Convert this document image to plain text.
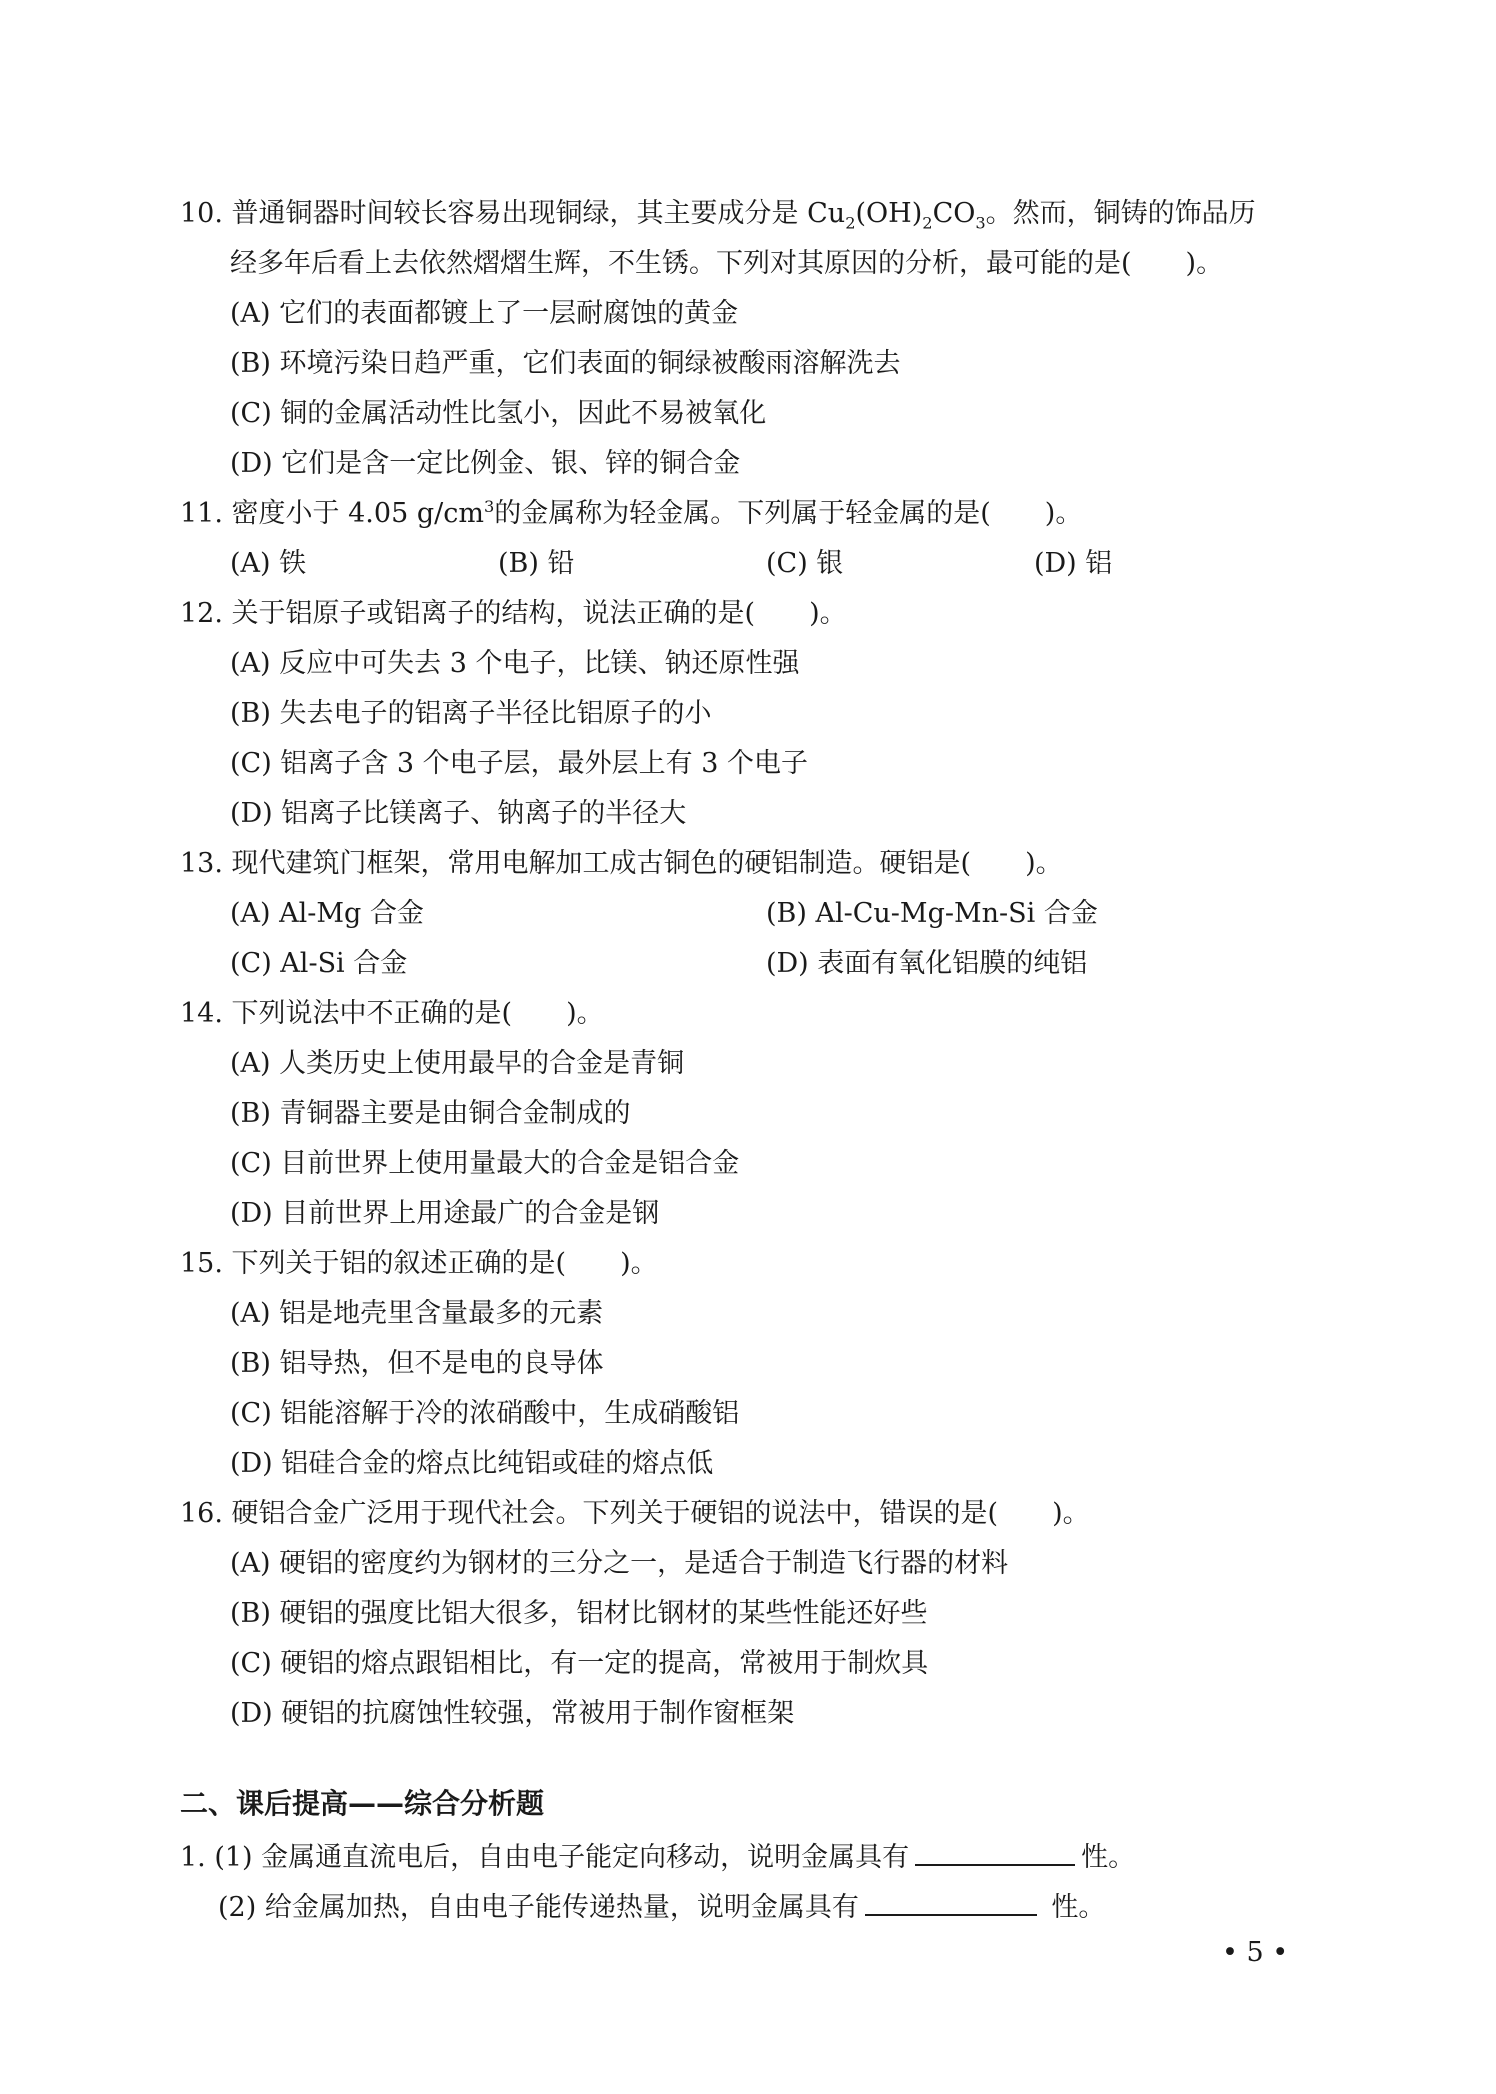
10. 普通铜器时间较长容易出现铜绿，其主要成分是 $Cu_2(OH)_2CO_3$。然而，铜铸的饰品历
经多年后看上去依然熠熠生辉，不生锈。下列对其原因的分析，最可能的是(　　)。
(A) 它们的表面都镀上了一层耐腐蚀的黄金
(B) 环境污染日趋严重，它们表面的铜绿被酸雨溶解洗去
(C) 铜的金属活动性比氢小，因此不易被氧化
(D) 它们是含一定比例金、银、锌的铜合金
11. 密度小于 4.05 $g/cm^3$的金属称为轻金属。下列属于轻金属的是(　　)。
(A) 铁	(B) 铅	(C) 银	(D) 铝
12. 关于铝原子或铝离子的结构，说法正确的是(　　)。
(A) 反应中可失去 3 个电子，比镁、钠还原性强
(B) 失去电子的铝离子半径比铝原子的小
(C) 铝离子含 3 个电子层，最外层上有 3 个电子
(D) 铝离子比镁离子、钠离子的半径大
13. 现代建筑门框架，常用电解加工成古铜色的硬铝制造。硬铝是(　　)。
(A) Al-Mg 合金	(B) Al-Cu-Mg-Mn-Si 合金
(C) Al-Si 合金	(D) 表面有氧化铝膜的纯铝
14. 下列说法中不正确的是(　　)。
(A) 人类历史上使用最早的合金是青铜
(B) 青铜器主要是由铜合金制成的
(C) 目前世界上使用量最大的合金是铝合金
(D) 目前世界上用途最广的合金是钢
15. 下列关于铝的叙述正确的是(　　)。
(A) 铝是地壳里含量最多的元素
(B) 铝导热，但不是电的良导体
(C) 铝能溶解于冷的浓硝酸中，生成硝酸铝
(D) 铝硅合金的熔点比纯铝或硅的熔点低
16. 硬铝合金广泛用于现代社会。下列关于硬铝的说法中，错误的是(　　)。
(A) 硬铝的密度约为钢材的三分之一，是适合于制造飞行器的材料
(B) 硬铝的强度比铝大很多，铝材比钢材的某些性能还好些
(C) 硬铝的熔点跟铝相比，有一定的提高，常被用于制炊具
(D) 硬铝的抗腐蚀性较强，常被用于制作窗框架
二、课后提高——综合分析题
1. (1) 金属通直流电后，自由电子能定向移动，说明金属具有	性。
(2) 给金属加热，自由电子能传递热量，说明金属具有	性。
• 5 •
